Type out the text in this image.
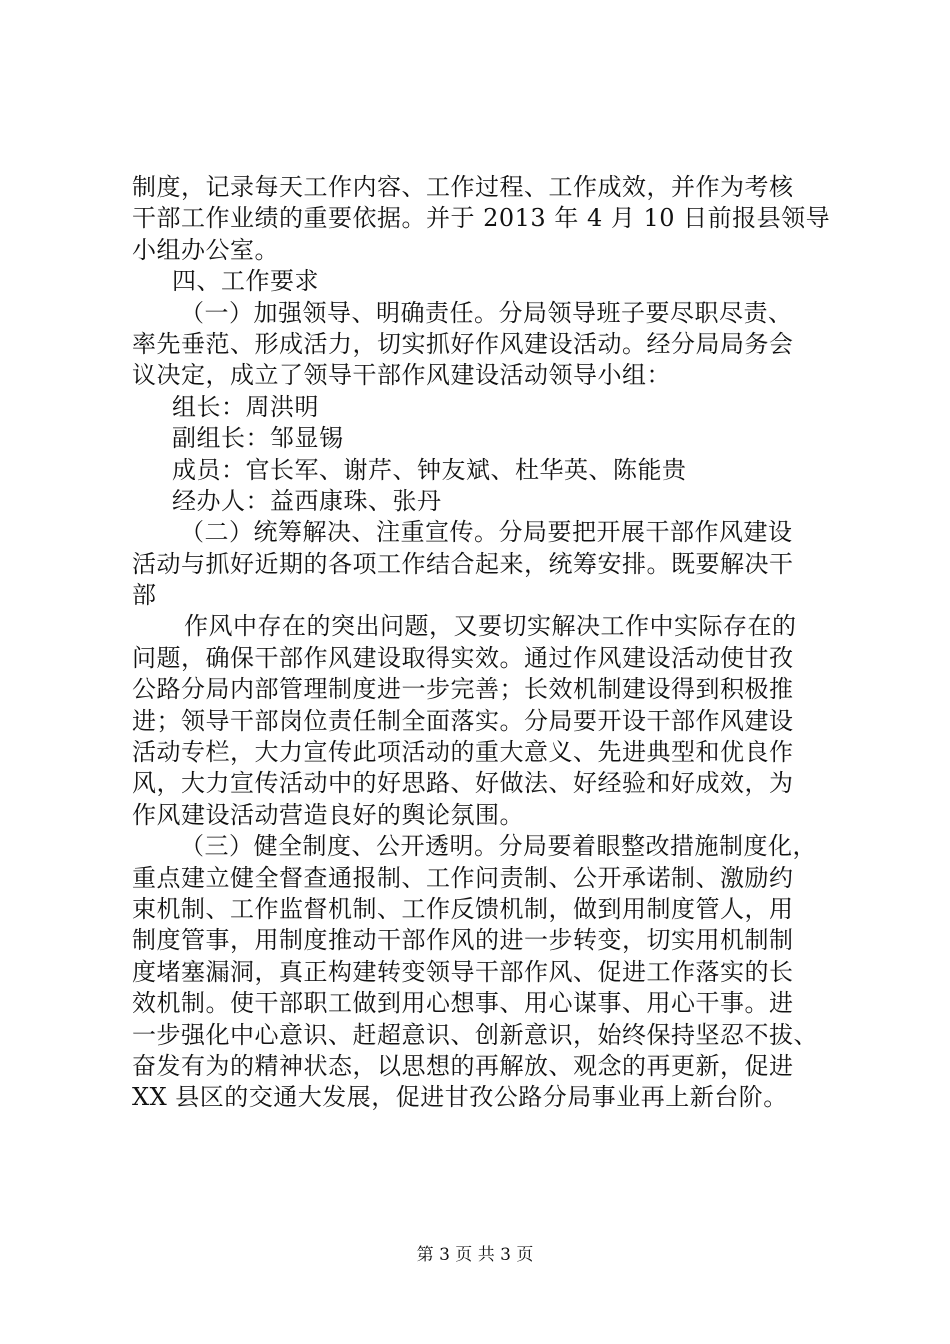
制度，记录每天工作内容、工作过程、工作成效，并作为考核
干部工作业绩的重要依据。并于 2013 年 4 月 10 日前报县领导
小组办公室。
四、工作要求
（一）加强领导、明确责任。分局领导班子要尽职尽责、
率先垂范、形成活力，切实抓好作风建设活动。经分局局务会
议决定，成立了领导干部作风建设活动领导小组：
组长：周洪明
副组长：邹显锡
成员：官长军、谢芹、钟友斌、杜华英、陈能贵
经办人：益西康珠、张丹
（二）统筹解决、注重宣传。分局要把开展干部作风建设
活动与抓好近期的各项工作结合起来，统筹安排。既要解决干
部
作风中存在的突出问题，又要切实解决工作中实际存在的
问题，确保干部作风建设取得实效。通过作风建设活动使甘孜
公路分局内部管理制度进一步完善；长效机制建设得到积极推
进；领导干部岗位责任制全面落实。分局要开设干部作风建设
活动专栏，大力宣传此项活动的重大意义、先进典型和优良作
风，大力宣传活动中的好思路、好做法、好经验和好成效，为
作风建设活动营造良好的舆论氛围。
（三）健全制度、公开透明。分局要着眼整改措施制度化，
重点建立健全督查通报制、工作问责制、公开承诺制、激励约
束机制、工作监督机制、工作反馈机制，做到用制度管人，用
制度管事，用制度推动干部作风的进一步转变，切实用机制制
度堵塞漏洞，真正构建转变领导干部作风、促进工作落实的长
效机制。使干部职工做到用心想事、用心谋事、用心干事。进
一步强化中心意识、赶超意识、创新意识，始终保持坚忍不拔、
奋发有为的精神状态，以思想的再解放、观念的再更新，促进
XX 县区的交通大发展，促进甘孜公路分局事业再上新台阶。
第 3 页 共 3 页
